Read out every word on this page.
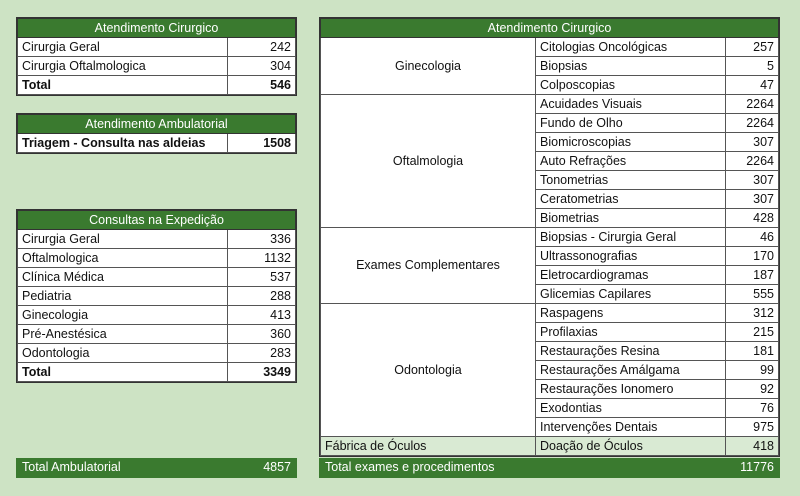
Atendimento Cirurgico	
Cirurgia Geral	242
Cirurgia Oftalmologica	304
Total	546
Atendimento Ambulatorial
Triagem - Consulta nas aldeias	1508
Consultas na Expedição	
Cirurgia Geral	336
Oftalmologica	1132
Clínica Médica	537
Pediatria	288
Ginecologia	413
Pré-Anestésica	360
Odontologia	283
Total	3349
Total Ambulatorial	4857
Atendimento Cirurgico		
Ginecologia	Citologias Oncológicas	257
	Biopsias	5
	Colposcopias	47
Oftalmologia	Acuidades Visuais	2264
	Fundo de Olho	2264
	Biomicroscopias	307
	Auto Refrações	2264
	Tonometrias	307
	Ceratometrias	307
	Biometrias	428
Exames Complementares	Biopsias - Cirurgia Geral	46
	Ultrassonografias	170
	Eletrocardiogramas	187
	Glicemias Capilares	555
Odontologia	Raspagens	312
	Profilaxias	215
	Restaurações Resina	181
	Restaurações Amálgama	99
	Restaurações Ionomero	92
	Exodontias	76
	Intervenções Dentais	975
Fábrica de Óculos	Doação de Óculos	418
Total exames e procedimentos	11776
